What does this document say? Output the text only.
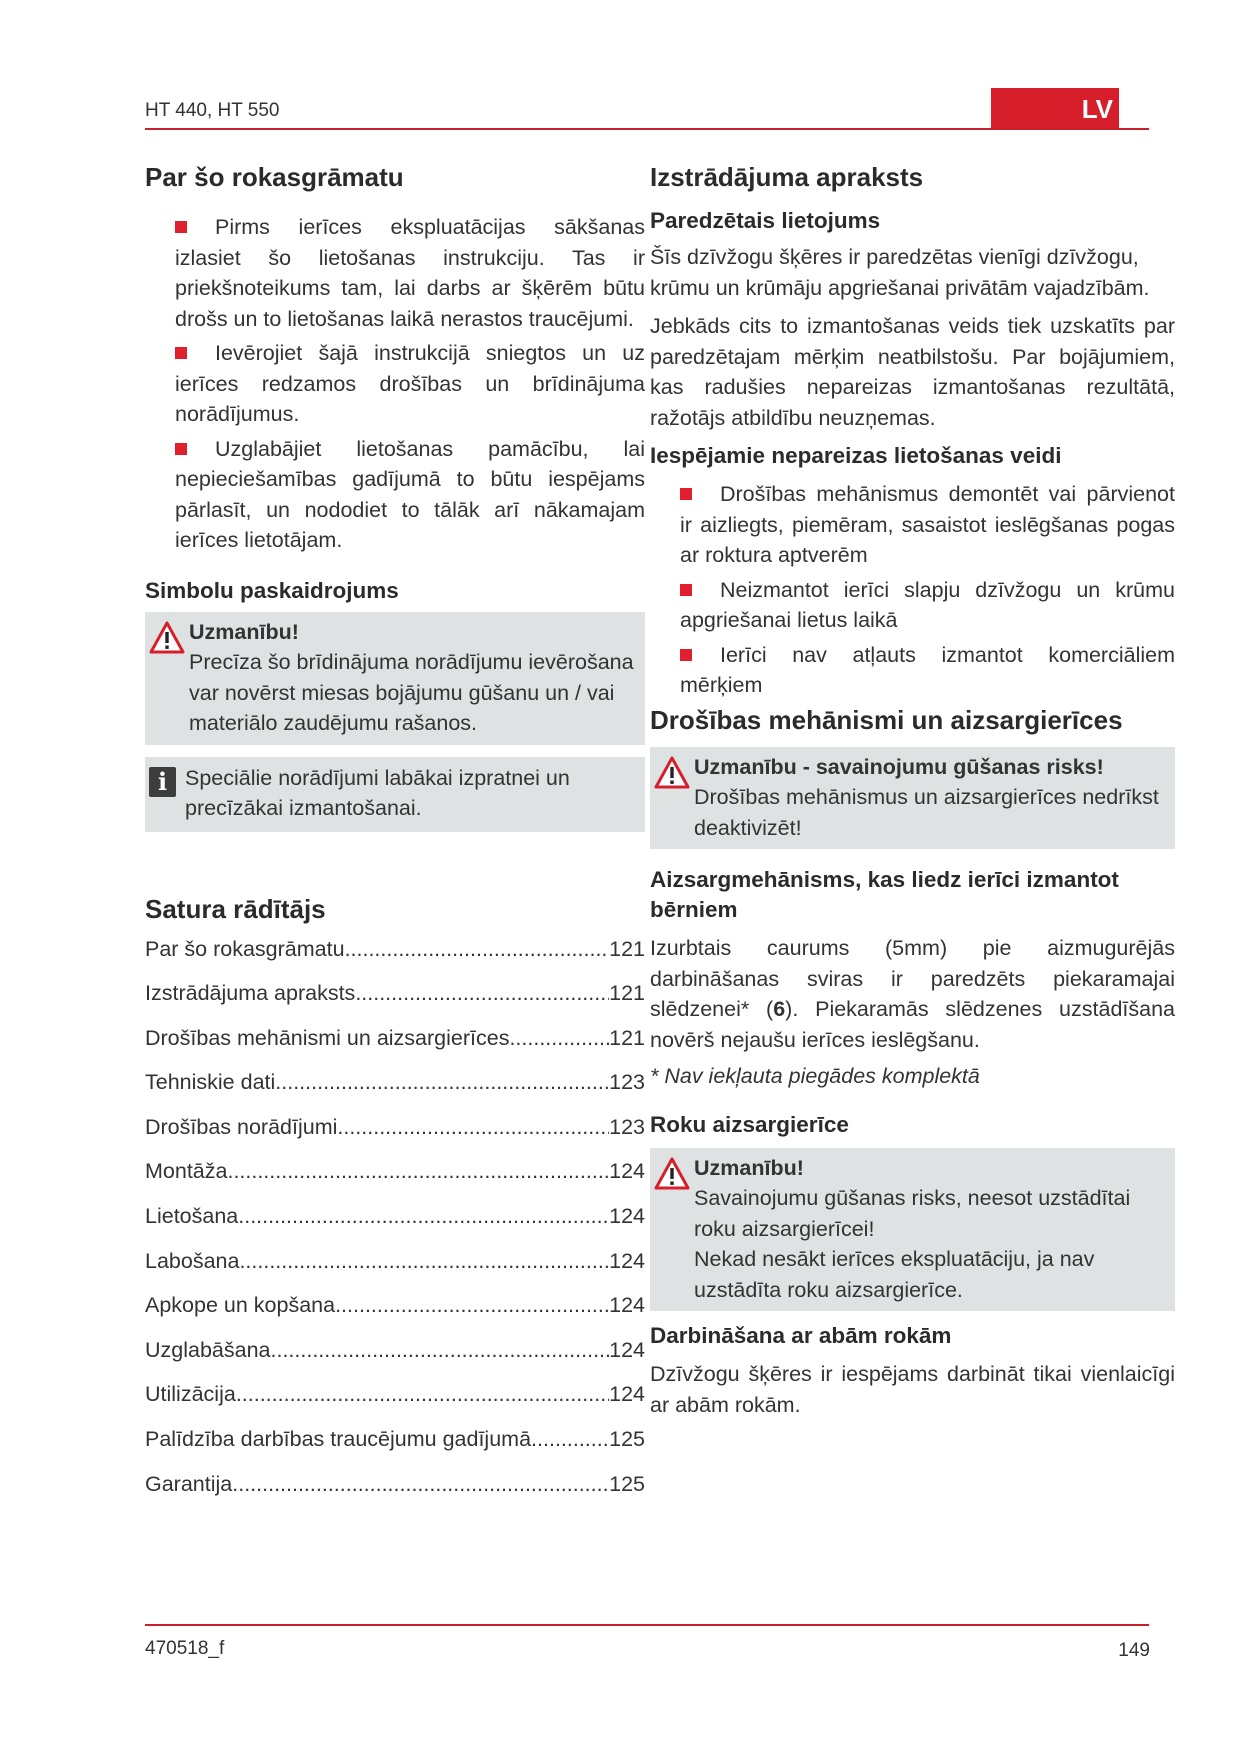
HT 440, HT 550	LV
Par šo rokasgrāmatu

Pirms ierīces ekspluatācijas sākšanas izlasiet šo lietošanas instrukciju. Tas ir priekšnoteikums tam, lai darbs ar šķērēm būtu drošs un to lietošanas laikā nerastos traucējumi.

Ievērojiet šajā instrukcijā sniegtos un uz ierīces redzamos drošības un brīdinājuma norādījumus.

Uzglabājiet lietošanas pamācību, lai nepieciešamības gadījumā to būtu iespējams pārlasīt, un nododiet to tālāk arī nākamajam ierīces lietotājam.

Simbolu paskaidrojums
Uzmanību!
Precīza šo brīdinājuma norādījumu ievērošana var novērst miesas bojājumu gūšanu un / vai materiālo zaudējumu rašanos.
i Speciālie norādījumi labākai izpratnei un precīzākai izmantošanai.
Satura rādītājs
Par šo rokasgrāmatu .....	121
Izstrādājuma apraksts .....	121
Drošības mehānismi un aizsargierīces .....	121
Tehniskie dati .....	123
Drošības norādījumi .....	123
Montāža .....	124
Lietošana .....	124
Labošana .....	124
Apkope un kopšana .....	124
Uzglabāšana .....	124
Utilizācija .....	124
Palīdzība darbības traucējumu gadījumā .....	125
Garantija .....	125
Izstrādājuma apraksts
Paredzētais lietojums

Šīs dzīvžogu šķēres ir paredzētas vienīgi dzīvžogu, krūmu un krūmāju apgriešanai privātām vajadzībām.

Jebkāds cits to izmantošanas veids tiek uzskatīts par paredzētajam mērķim neatbilstošu. Par bojājumiem, kas radušies nepareizas izmantošanas rezultātā, ražotājs atbildību neuzņemas.

Iespējamie nepareizas lietošanas veidi

Drošības mehānismus demontēt vai pārvienot ir aizliegts, piemēram, sasaistot ieslēgšanas pogas ar roktura aptverēm

Neizmantot ierīci slapju dzīvžogu un krūmu apgriešanai lietus laikā

Ierīci nav atļauts izmantot komerciāliem mērķiem

Drošības mehānismi un aizsargierīces
Uzmanību - savainojumu gūšanas risks!
Drošības mehānismus un aizsargierīces nedrīkst deaktivizēt!
Aizsargmehānisms, kas liedz ierīci izmantot bērniem

Izurbtais caurums (5mm) pie aizmugurējās darbināšanas sviras ir paredzēts piekaramajai slēdzenei* (6). Piekaramās slēdzenes uzstādīšana novērš nejaušu ierīces ieslēgšanu.

* Nav iekļauta piegādes komplektā

Roku aizsargierīce
Uzmanību!
Savainojumu gūšanas risks, neesot uzstādītai roku aizsargierīcei!
Nekad nesākt ierīces ekspluatāciju, ja nav uzstādīta roku aizsargierīce.
Darbināšana ar abām rokām

Dzīvžogu šķēres ir iespējams darbināt tikai vienlaicīgi ar abām rokām.

470518_f	149
